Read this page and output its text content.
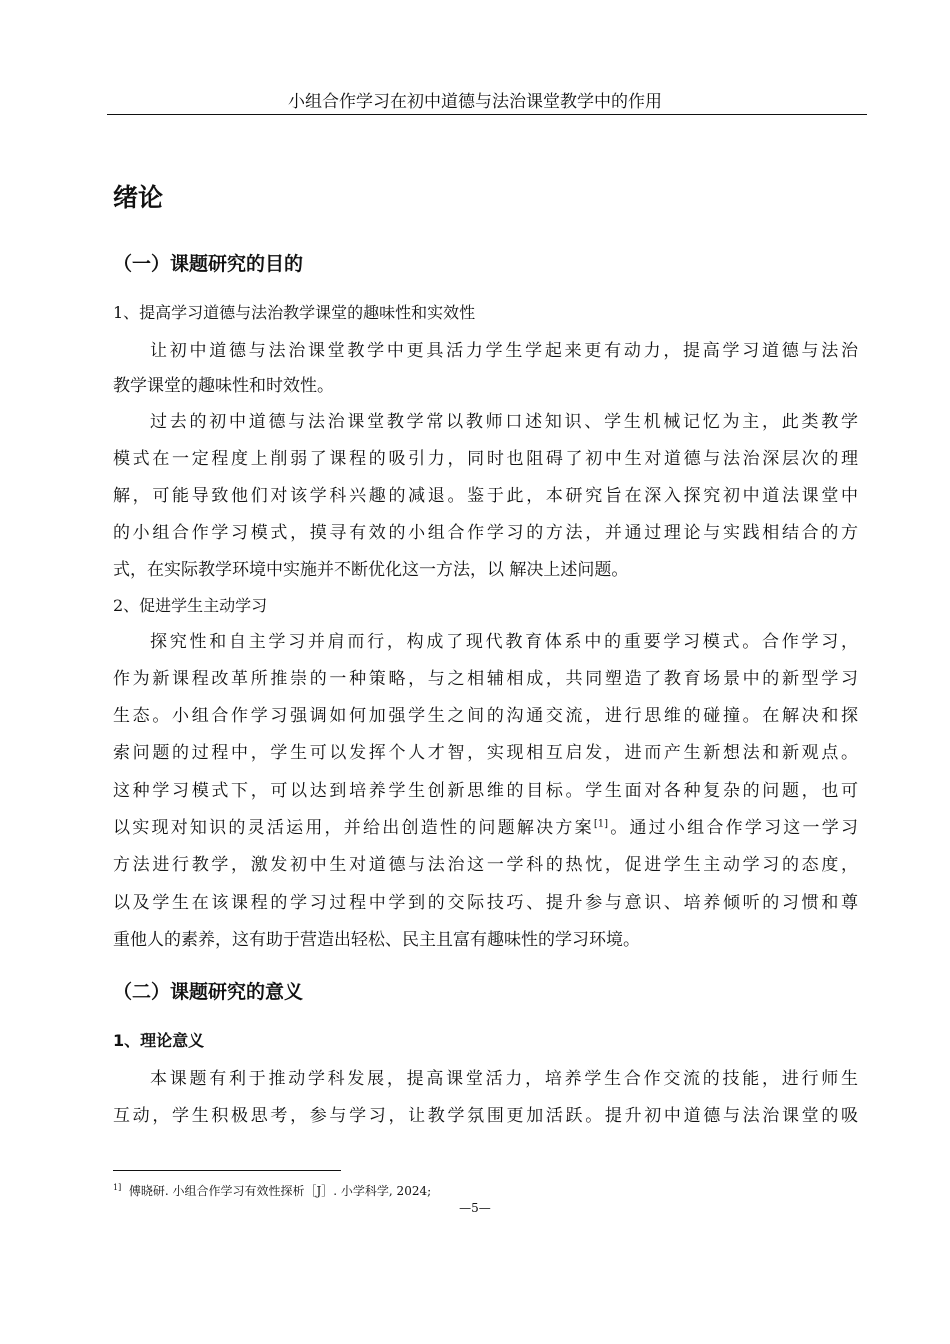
小组合作学习在初中道德与法治课堂教学中的作用
绪论
（一）课题研究的目的
1、提高学习道德与法治教学课堂的趣味性和实效性

让初中道德与法治课堂教学中更具活力学生学起来更有动力，提高学习道德与法治

教学课堂的趣味性和时效性。

过去的初中道德与法治课堂教学常以教师口述知识、学生机械记忆为主，此类教学

模式在一定程度上削弱了课程的吸引力，同时也阻碍了初中生对道德与法治深层次的理

解，可能导致他们对该学科兴趣的减退。鉴于此，本研究旨在深入探究初中道法课堂中

的小组合作学习模式，摸寻有效的小组合作学习的方法，并通过理论与实践相结合的方

式，在实际教学环境中实施并不断优化这一方法，以 解决上述问题。

2、促进学生主动学习

探究性和自主学习并肩而行，构成了现代教育体系中的重要学习模式。合作学习，

作为新课程改革所推崇的一种策略，与之相辅相成，共同塑造了教育场景中的新型学习

生态。小组合作学习强调如何加强学生之间的沟通交流，进行思维的碰撞。在解决和探

索问题的过程中，学生可以发挥个人才智，实现相互启发，进而产生新想法和新观点。

这种学习模式下，可以达到培养学生创新思维的目标。学生面对各种复杂的问题，也可

以实现对知识的灵活运用，并给出创造性的问题解决方案[1]。通过小组合作学习这一学习

方法进行教学，激发初中生对道德与法治这一学科的热忱，促进学生主动学习的态度，

以及学生在该课程的学习过程中学到的交际技巧、提升参与意识、培养倾听的习惯和尊

重他人的素养，这有助于营造出轻松、民主且富有趣味性的学习环境。

（二）课题研究的意义
1、理论意义

本课题有利于推动学科发展，提高课堂活力，培养学生合作交流的技能，进行师生

互动，学生积极思考，参与学习，让教学氛围更加活跃。提升初中道德与法治课堂的吸

$^{1]}$ 傅晓研. 小组合作学习有效性探析［J］. 小学科学, 2024;
—5—
